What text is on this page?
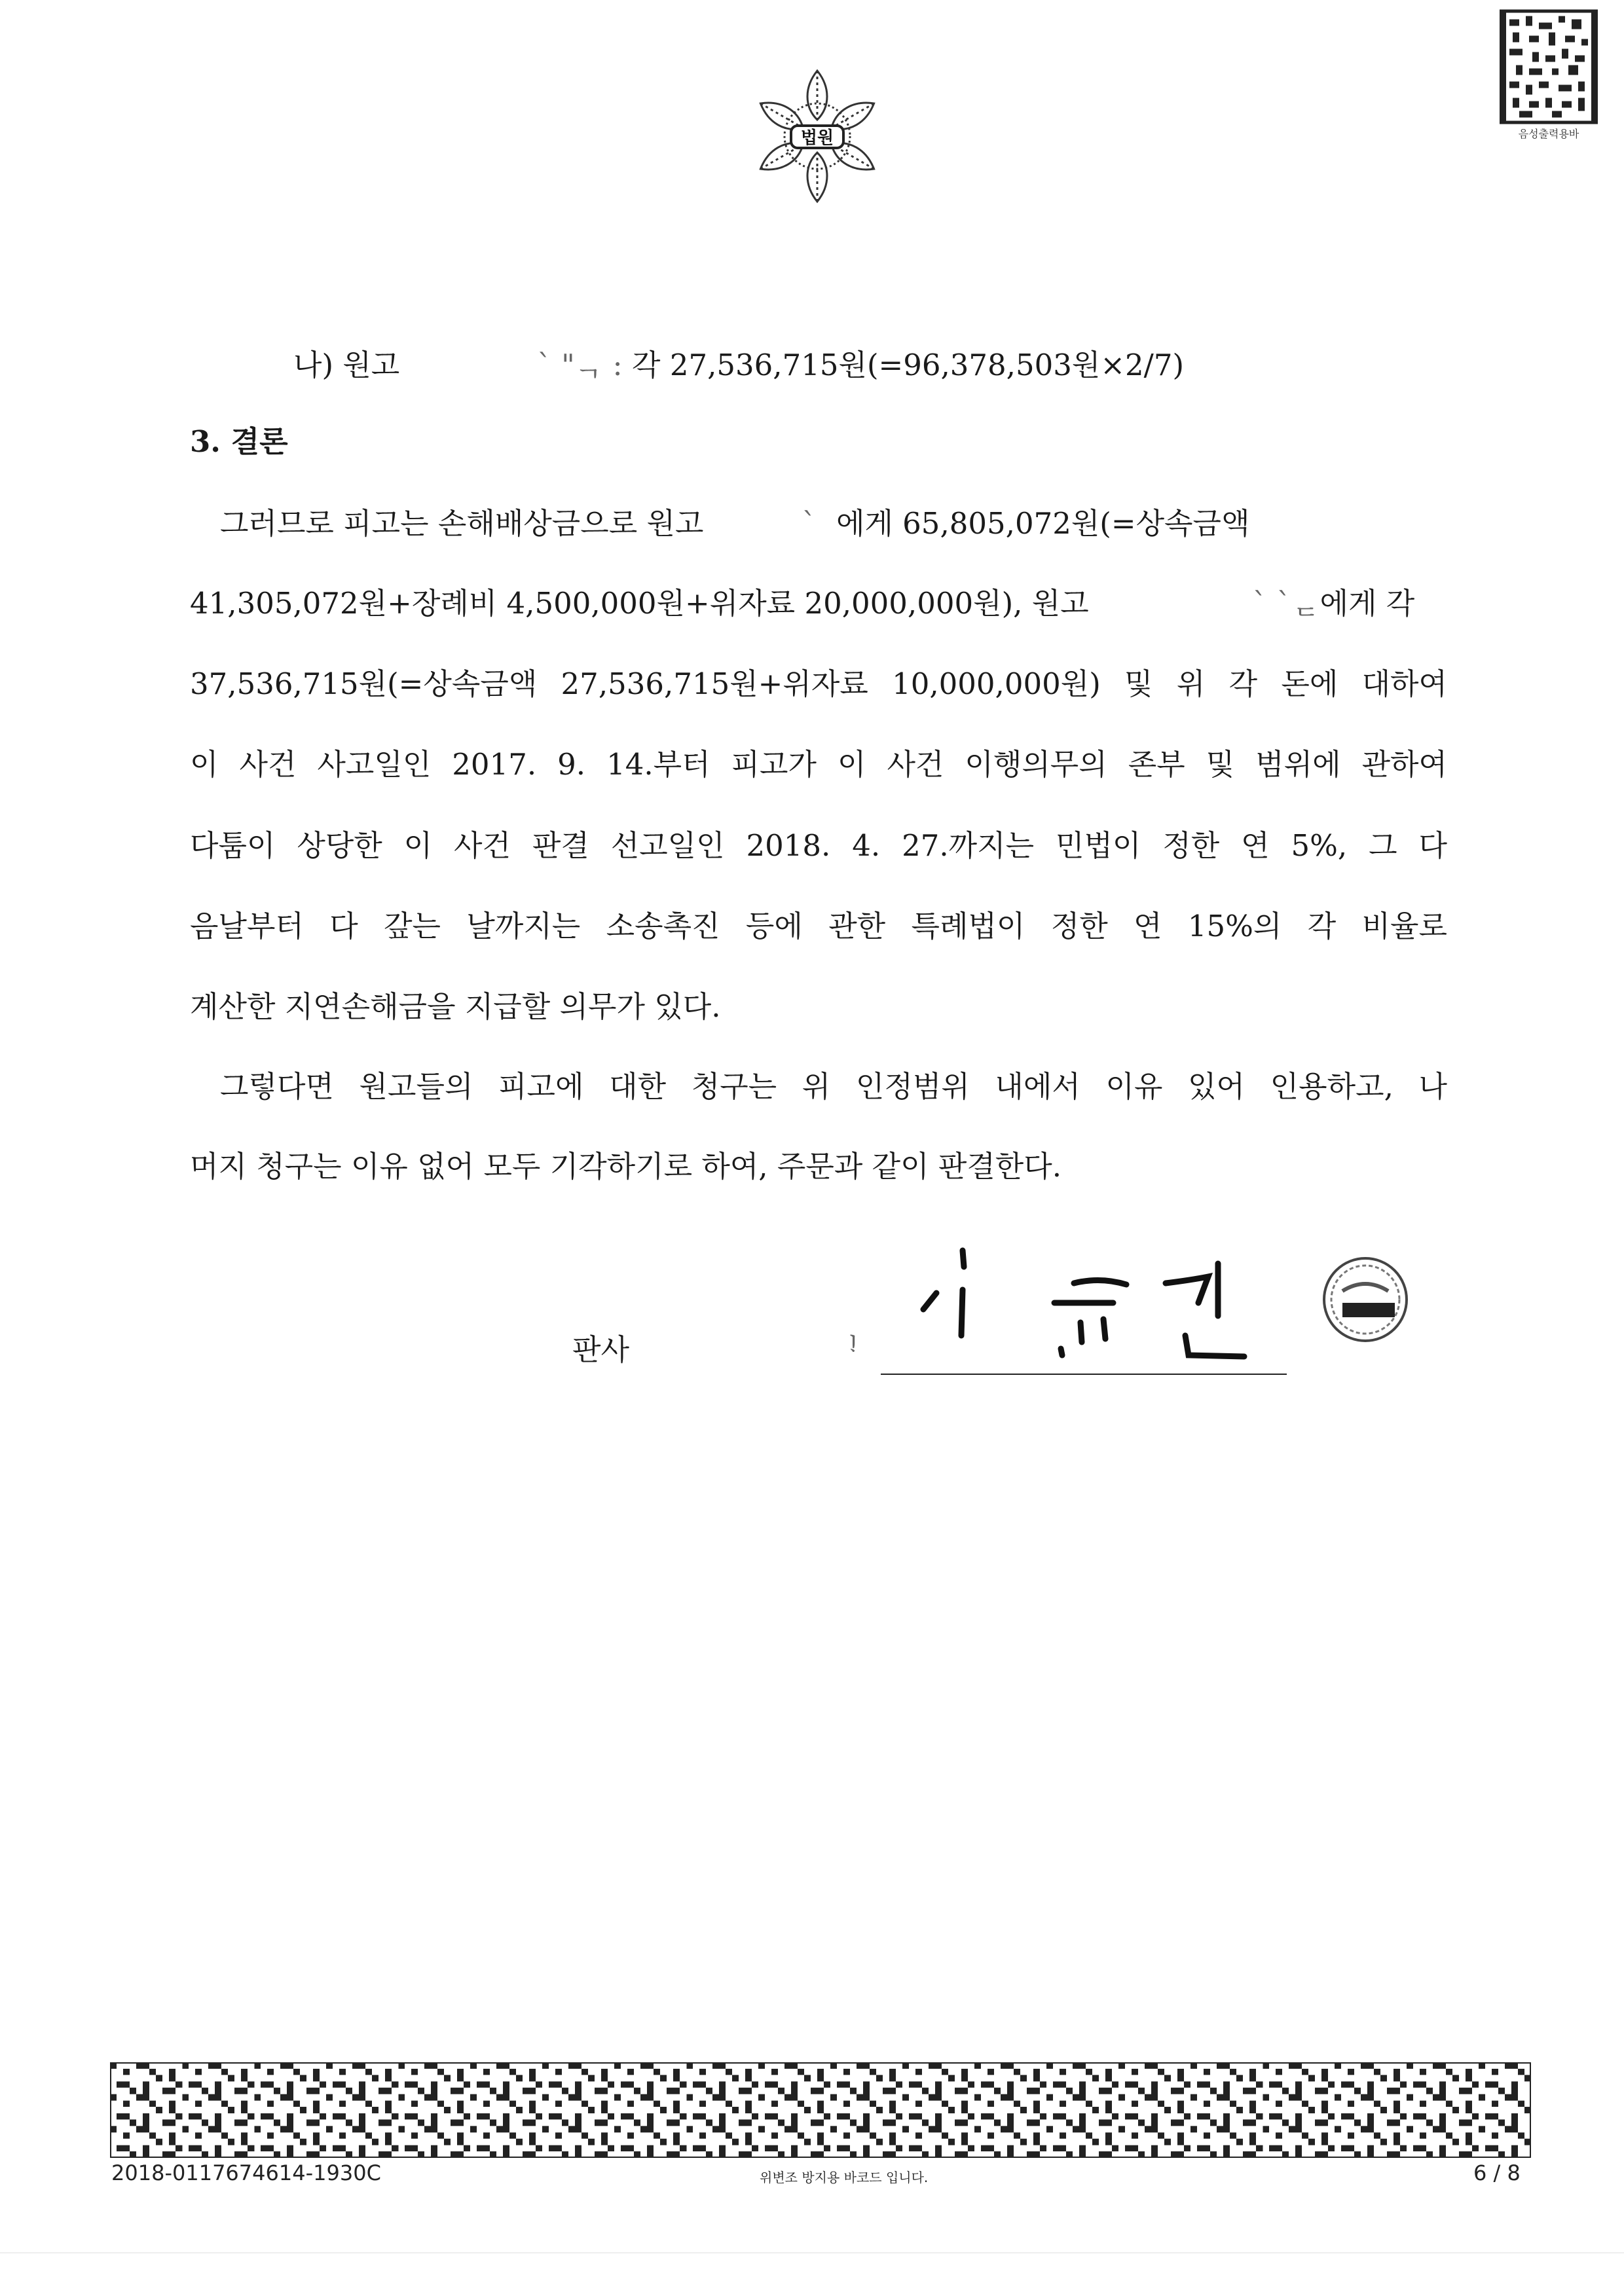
법원	음성출력용바
나) 원고	` "ᆨ : 각 27,536,715원(=96,378,503원×2/7)
3. 결론
그러므로 피고는 손해배상금으로 원고	` 에게 65,805,072원(=상속금액
41,305,072원+장례비 4,500,000원+위자료 20,000,000원), 원고	` `ᆮ에게 각
37,536,715원(=상속금액 27,536,715원+위자료 10,000,000원) 및 위 각 돈에 대하여
이 사건 사고일인 2017. 9. 14.부터 피고가 이 사건 이행의무의 존부 및 범위에 관하여
다툼이 상당한 이 사건 판결 선고일인 2018. 4. 27.까지는 민법이 정한 연 5%, 그 다
음날부터 다 갚는 날까지는 소송촉진 등에 관한 특례법이 정한 연 15%의 각 비율로
계산한 지연손해금을 지급할 의무가 있다.
그렇다면 원고들의 피고에 대한 청구는 위 인정범위 내에서 이유 있어 인용하고, 나
머지 청구는 이유 없어 모두 기각하기로 하여, 주문과 같이 판결한다.
판사	ᆝ
2018-0117674614-1930C	위변조 방지용 바코드 입니다.	6 / 8
